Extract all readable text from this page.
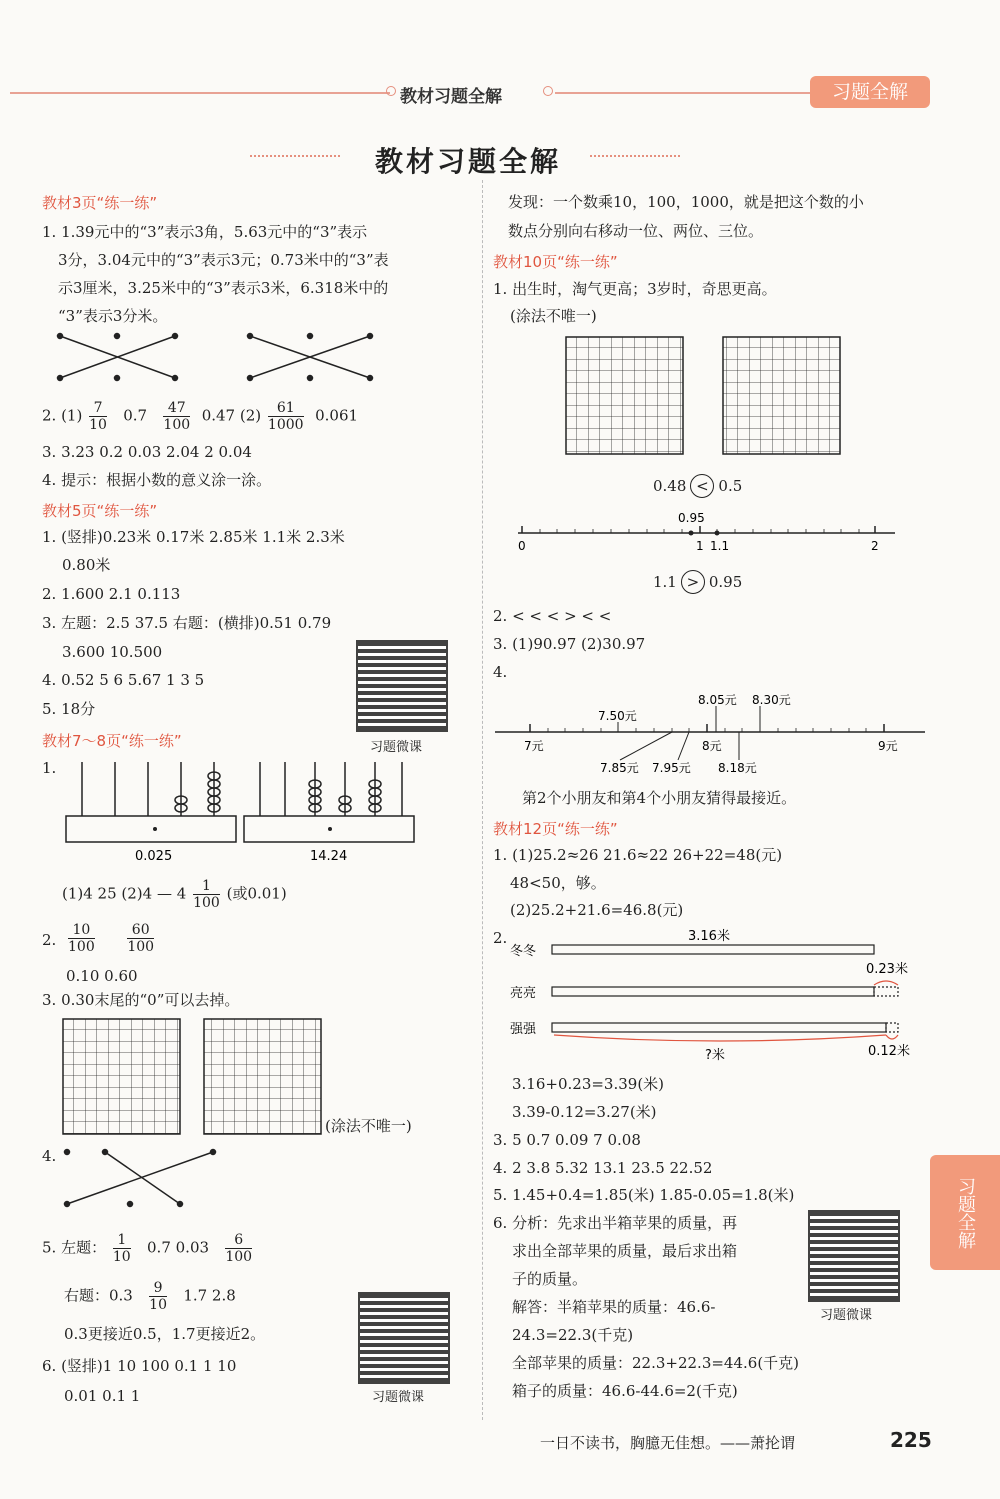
教材习题全解	习题全解
教材习题全解
教材3页“练一练”
1. 1.39元中的“3”表示3角，5.63元中的“3”表示
3分，3.04元中的“3”表示3元；0.73米中的“3”表
示3厘米，3.25米中的“3”表示3米，6.318米中的
“3”表示3分米。
2. $(1) \frac{7}{10} 0.7 \frac{47}{100} 0.47$ $(2) \frac{61}{1000} 0.061$
3. 3.23 0.2 0.03 2.04 2 0.04
4. 提示：根据小数的意义涂一涂。
教材5页“练一练”
1. (竖排)0.23米 0.17米 2.85米 1.1米 2.3米
0.80米
2. 1.600 2.1 0.113
3. 左题：2.5 37.5 右题：(横排)0.51 0.79
3.600 10.500
4. 0.52 5 6 5.67 1 3 5
5. 18分
习题微课
教材7～8页“练一练”
1.
0.025	14.24
(1)4 25 (2)4 — $4 \frac{1}{100}$ (或0.01)
2. $\frac{10}{100}$
$\frac{60}{100}$
0.10 0.60
3. 0.30末尾的“0”可以去掉。
(涂法不唯一)
4.
5. 左题： $\frac{1}{10} 0.7$ $0.03 \frac{6}{100}$
右题：$0.3 \frac{9}{10} 1.7$ 2.8
0.3更接近0.5，1.7更接近2。
6. (竖排)1 10 100 0.1 1 10
0.01 0.1 1	习题微课
发现：一个数乘10，100，1000，就是把这个数的小
数点分别向右移动一位、两位、三位。
教材10页“练一练”
1. 出生时，淘气更高；3岁时，奇思更高。
(涂法不唯一)
0.48 < 0.5
0.95
0	1 1.1	2
1.1 > 0.95
2. < < < > < <
3. (1)90.97 (2)30.97
4.
8.05元 8.30元
7.50元
7元	8元	9元
7.85元 7.95元 8.18元
第2个小朋友和第4个小朋友猜得最接近。
教材12页“练一练”
1. (1)25.2≈26 21.6≈22 26+22=48(元)
48<50，够。
(2)25.2+21.6=46.8(元)
2.
冬冬
亮亮
强强
3.16米
0.23米
?米	0.12米
3.16+0.23=3.39(米)
3.39-0.12=3.27(米)
3. 5 0.7 0.09 7 0.08
4. 2 3.8 5.32 13.1 23.5 22.52
5. 1.45+0.4=1.85(米) 1.85-0.05=1.8(米)
6. 分析：先求出半箱苹果的质量，再
求出全部苹果的质量，最后求出箱
子的质量。
解答：半箱苹果的质量：46.6-
24.3=22.3(千克)
全部苹果的质量：22.3+22.3=44.6(千克)
箱子的质量：46.6-44.6=2(千克)
习题微课
习题全解
一日不读书，胸臆无佳想。——萧抡谓	225
